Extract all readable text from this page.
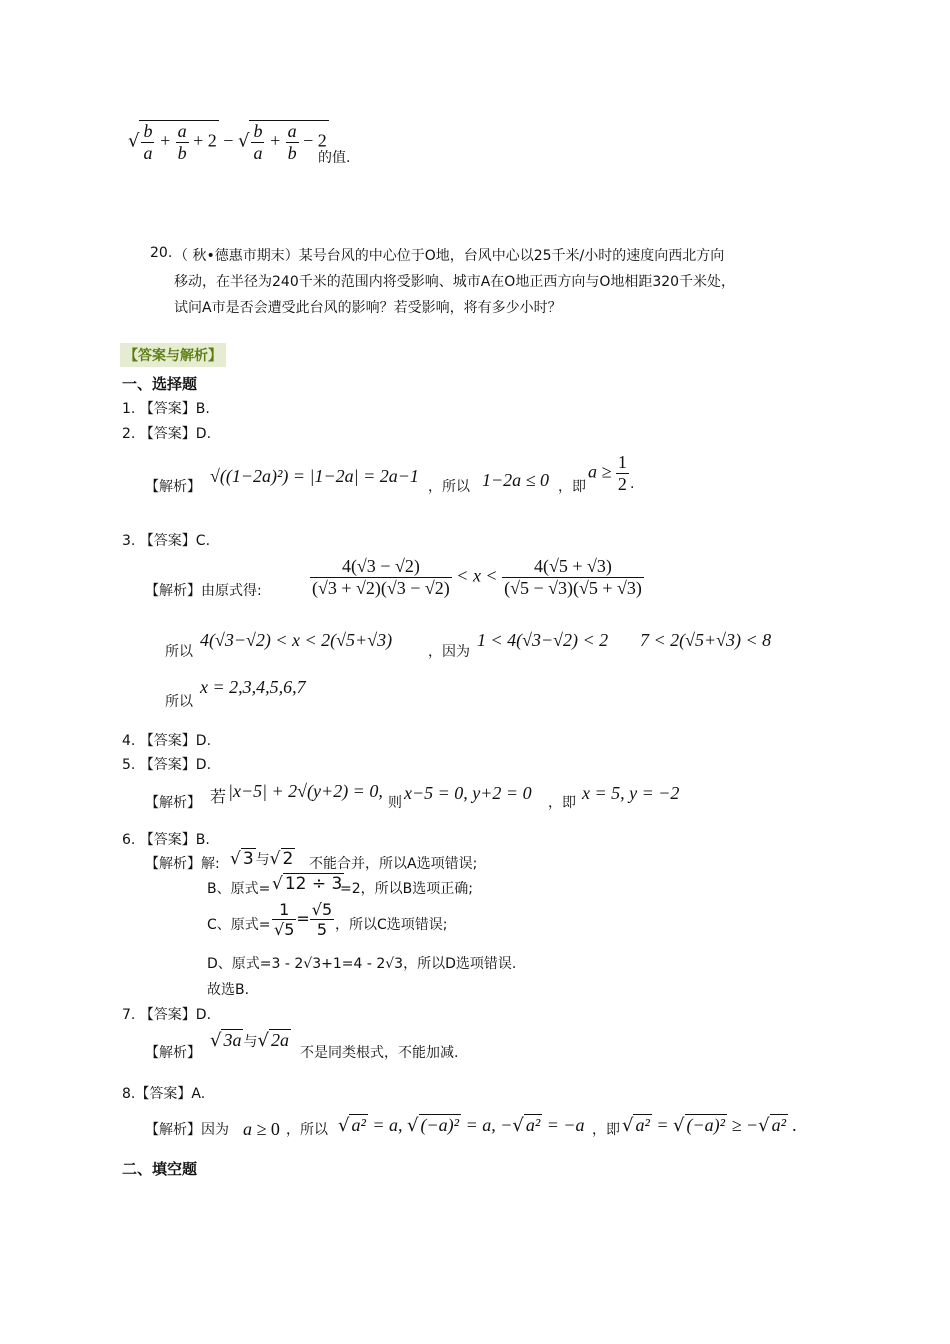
√ $\frac{b}{a} + \frac{a}{b} + 2$ − √ $\frac{b}{a} + \frac{a}{b} - 2$
的值.
20. （ 秋•德惠市期末）某号台风的中心位于O地，台风中心以25千米/小时的速度向西北方向
移动，在半径为240千米的范围内将受影响、城市A在O地正西方向与O地相距320千米处，
试问A市是否会遭受此台风的影响？若受影响，将有多少小时？
【答案与解析】
一、选择题
1. 【答案】B.
2. 【答案】D.
【解析】
√((1−2a)²) = |1−2a| = 2a−1
，所以 1−2a ≤ 0 ，即
$a \ge \frac{1}{2}$ .
3. 【答案】C.
【解析】由原式得:	$\frac{4(√3 - √2)}{(√3 + √2)(√3 - √2)} < x < \frac{4(√5 + √3)}{(√5 - √3)(√5 + √3)}$
所以
4(√3−√2) < x < 2(√5+√3)
，因为
1 < 4(√3−√2) < 2 7 < 2(√5+√3) < 8
所以
x = 2,3,4,5,6,7
4. 【答案】D.
5. 【答案】D.
【解析】 若 |x−5| + 2√(y+2) = 0,
则 x−5 = 0, y+2 = 0 ，即 x = 5, y = −2
6. 【答案】B.
【解析】解: √ 3 与√ 2 不能合并，所以A选项错误;
B、原式= √ 12 ÷ 3
=2，所以B选项正确;
C、原式= $\frac{1}{√5} = \frac{√5}{5}$ ，所以C选项错误;
D、原式=3 - 2√3+1=4 - 2√3，所以D选项错误.
故选B.
7. 【答案】D.
【解析】
√ 3a 与√ 2a
不是同类根式，不能加减.
8.【答案】A.
【解析】因为 a ≥ 0 ，所以 √ a² = a, √ (−a)² = a, −√ a² = −a ，即 √ a² = √ (−a)² ≥ −√ a² .
二、填空题
